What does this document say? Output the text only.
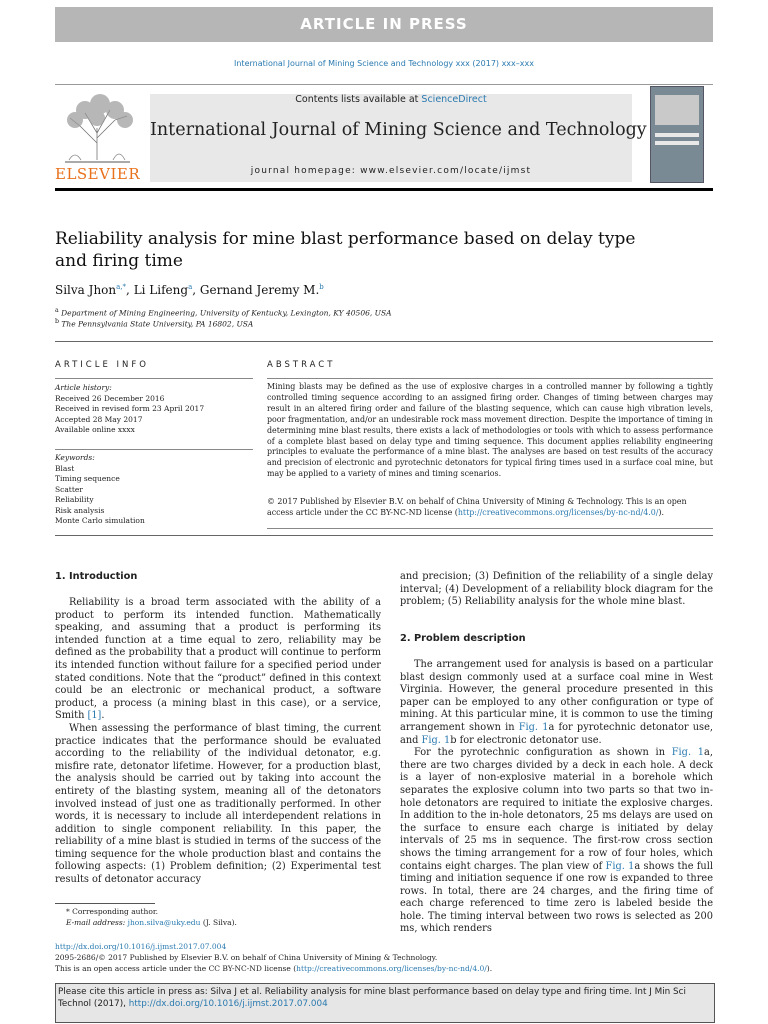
ARTICLE IN PRESS
International Journal of Mining Science and Technology xxx (2017) xxx–xxx
ELSEVIER
Contents lists available at ScienceDirect
International Journal of Mining Science and Technology
journal homepage: www.elsevier.com/locate/ijmst
Reliability analysis for mine blast performance based on delay type and firing time
Silva Jhon$^{a,*}$, Li Lifeng$^a$, Gernand Jeremy M.$^b$
$^a$ Department of Mining Engineering, University of Kentucky, Lexington, KY 40506, USA
$^b$ The Pennsylvania State University, PA 16802, USA
ARTICLE INFO	ABSTRACT
Article history:
Received 26 December 2016
Received in revised form 23 April 2017
Accepted 28 May 2017
Available online xxxx
Keywords:
Blast
Timing sequence
Scatter
Reliability
Risk analysis
Monte Carlo simulation
Mining blasts may be defined as the use of explosive charges in a controlled manner by following a tightly controlled timing sequence according to an assigned firing order. Changes of timing between charges may result in an altered firing order and failure of the blasting sequence, which can cause high vibration levels, poor fragmentation, and/or an undesirable rock mass movement direction. Despite the importance of timing in determining mine blast results, there exists a lack of methodologies or tools with which to assess performance of a complete blast based on delay type and timing sequence. This document applies reliability engineering principles to evaluate the performance of a mine blast. The analyses are based on test results of the accuracy and precision of electronic and pyrotechnic detonators for typical firing times used in a surface coal mine, but may be applied to a variety of mines and timing scenarios.
© 2017 Published by Elsevier B.V. on behalf of China University of Mining & Technology. This is an open access article under the CC BY-NC-ND license (http://creativecommons.org/licenses/by-nc-nd/4.0/).
1. Introduction

Reliability is a broad term associated with the ability of a product to perform its intended function. Mathematically speaking, and assuming that a product is performing its intended function at a time equal to zero, reliability may be defined as the probability that a product will continue to perform its intended function without failure for a specified period under stated conditions. Note that the “product” defined in this context could be an electronic or mechanical product, a software product, a process (a mining blast in this case), or a service, Smith [1].

When assessing the performance of blast timing, the current practice indicates that the performance should be evaluated according to the reliability of the individual detonator, e.g. misfire rate, detonator lifetime. However, for a production blast, the analysis should be carried out by taking into account the entirety of the blasting system, meaning all of the detonators involved instead of just one as traditionally performed. In other words, it is necessary to include all interdependent relations in addition to single component reliability. In this paper, the reliability of a mine blast is studied in terms of the success of the timing sequence for the whole production blast and contains the following aspects: (1) Problem definition; (2) Experimental test results of detonator accuracy

and precision; (3) Definition of the reliability of a single delay interval; (4) Development of a reliability block diagram for the problem; (5) Reliability analysis for the whole mine blast.

2. Problem description

The arrangement used for analysis is based on a particular blast design commonly used at a surface coal mine in West Virginia. However, the general procedure presented in this paper can be employed to any other configuration or type of mining. At this particular mine, it is common to use the timing arrangement shown in Fig. 1a for pyrotechnic detonator use, and Fig. 1b for electronic detonator use.

For the pyrotechnic configuration as shown in Fig. 1a, there are two charges divided by a deck in each hole. A deck is a layer of non-explosive material in a borehole which separates the explosive column into two parts so that two in-hole detonators are required to initiate the explosive charges. In addition to the in-hole detonators, 25 ms delays are used on the surface to ensure each charge is initiated by delay intervals of 25 ms in sequence. The first-row cross section shows the timing arrangement for a row of four holes, which contains eight charges. The plan view of Fig. 1a shows the full timing and initiation sequence if one row is expanded to three rows. In total, there are 24 charges, and the firing time of each charge referenced to time zero is labeled beside the hole. The timing interval between two rows is selected as 200 ms, which renders

* Corresponding author.
E-mail address: jhon.silva@uky.edu (J. Silva).
http://dx.doi.org/10.1016/j.ijmst.2017.07.004
2095-2686/© 2017 Published by Elsevier B.V. on behalf of China University of Mining & Technology.
This is an open access article under the CC BY-NC-ND license (http://creativecommons.org/licenses/by-nc-nd/4.0/).
Please cite this article in press as: Silva J et al. Reliability analysis for mine blast performance based on delay type and firing time. Int J Min Sci Technol (2017), http://dx.doi.org/10.1016/j.ijmst.2017.07.004
